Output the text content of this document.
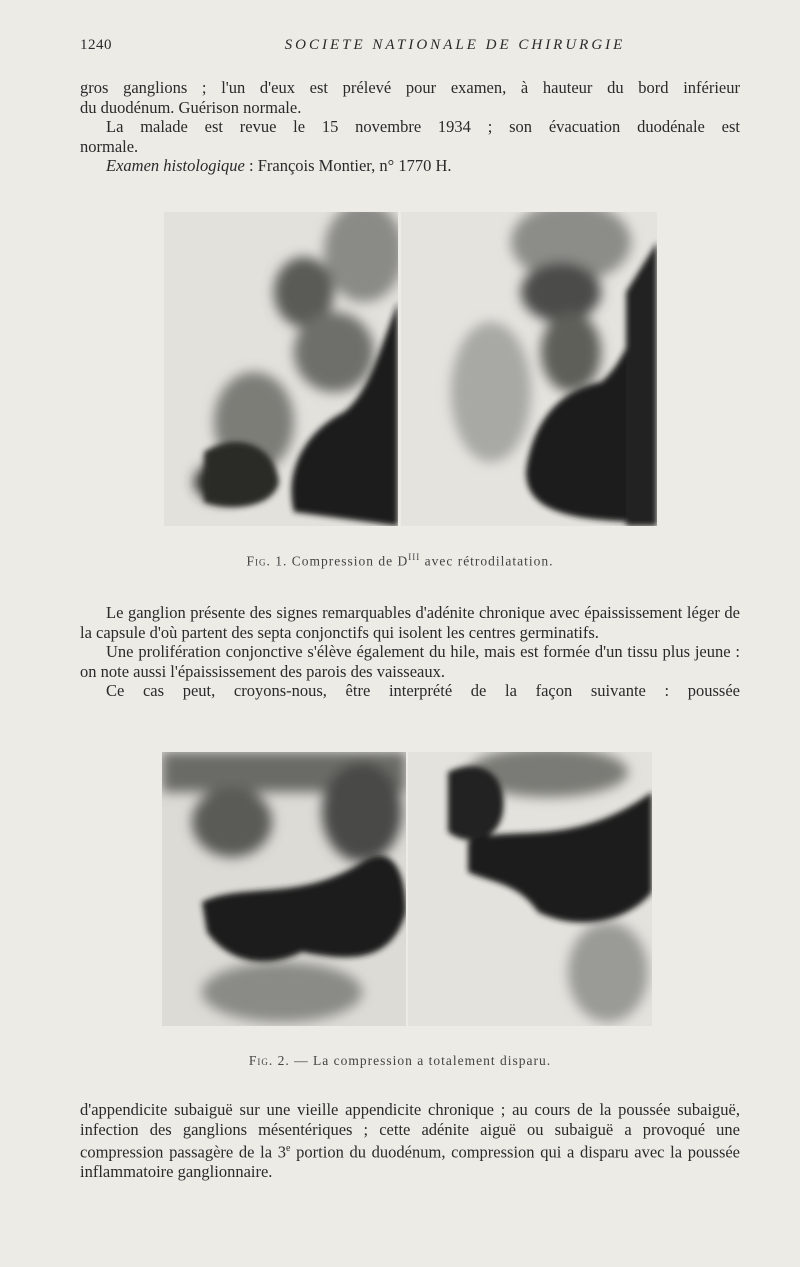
1240	SOCIETE NATIONALE DE CHIRURGIE

gros ganglions ; l'un d'eux est prélevé pour examen, à hauteur du bord inférieur

du duodénum. Guérison normale.

La malade est revue le 15 novembre 1934 ; son évacuation duodénale est

normale.

Examen histologique : François Montier, n° 1770 H.

Fig. 1. Compression de $D^{III}$ avec rétrodilatation.

Le ganglion présente des signes remarquables d'adénite chronique avec épaississement léger de la capsule d'où partent des septa conjonctifs qui isolent les centres germinatifs.

Une prolifération conjonctive s'élève également du hile, mais est formée d'un tissu plus jeune : on note aussi l'épaississement des parois des vaisseaux.

Ce cas peut, croyons-nous, être interprété de la façon suivante : poussée

Fig. 2. — La compression a totalement disparu.

d'appendicite subaiguë sur une vieille appendicite chronique ; au cours de la poussée subaiguë, infection des ganglions mésentériques ; cette adénite aiguë ou subaiguë a provoqué une compression passagère de la 3e portion du duodénum, compression qui a disparu avec la poussée inflammatoire ganglionnaire.
